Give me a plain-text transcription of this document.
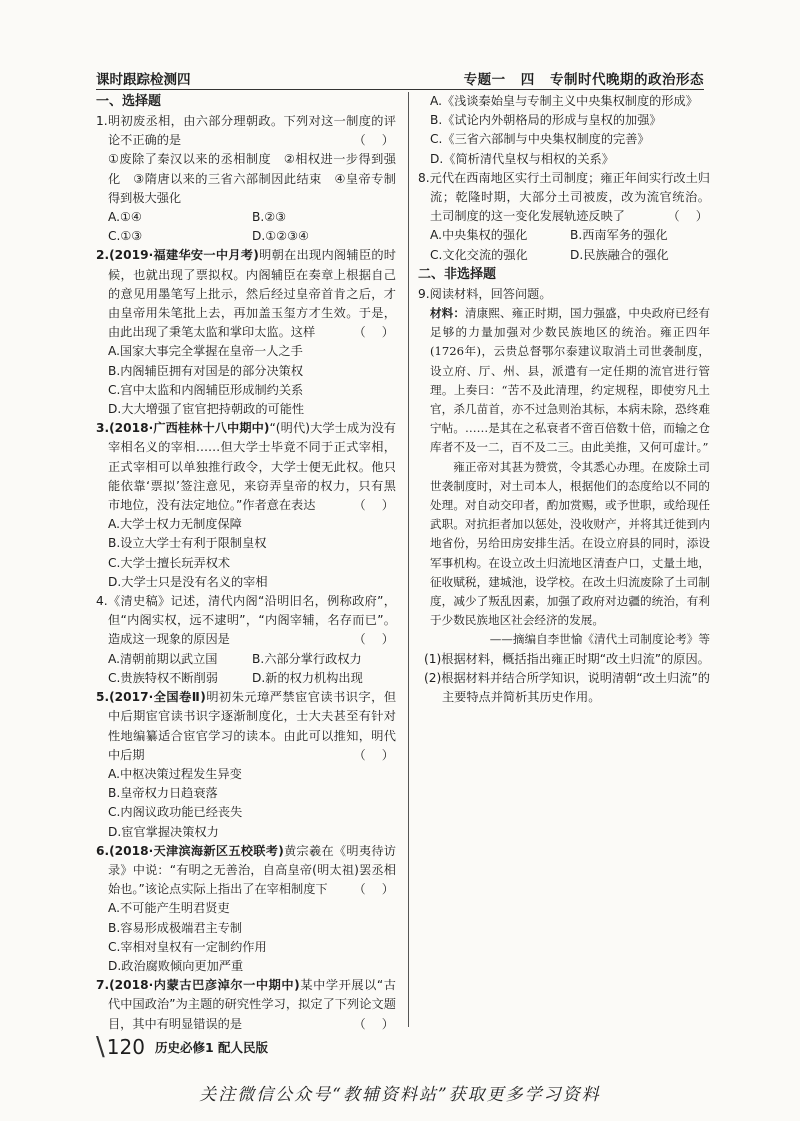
课时跟踪检测四	专题一 四 专制时代晚期的政治形态
一、选择题

1.明初废丞相，由六部分理朝政。下列对这一制度的评论不正确的是	（　）

①废除了秦汉以来的丞相制度　②相权进一步得到强化　③隋唐以来的三省六部制因此结束　④皇帝专制得到极大强化

A.①④	B.②③
C.①③	D.①②③④

2.(2019·福建华安一中月考)明朝在出现内阁辅臣的时候，也就出现了票拟权。内阁辅臣在奏章上根据自己的意见用墨笔写上批示，然后经过皇帝首肯之后，才由皇帝用朱笔批上去，再加盖玉玺方才生效。于是，由此出现了秉笔太监和掌印太监。这样	（　）

A.国家大事完全掌握在皇帝一人之手

B.内阁辅臣拥有对国是的部分决策权

C.宫中太监和内阁辅臣形成制约关系

D.大大增强了宦官把持朝政的可能性

3.(2018·广西桂林十八中期中)“(明代)大学士成为没有宰相名义的宰相……但大学士毕竟不同于正式宰相，正式宰相可以单独推行政令，大学士便无此权。他只能依靠‘票拟’签注意见，来窃弄皇帝的权力，只有黑市地位，没有法定地位。”作者意在表达	（　）

A.大学士权力无制度保障

B.设立大学士有利于限制皇权

C.大学士擅长玩弄权术

D.大学士只是没有名义的宰相

4.《清史稿》记述，清代内阁“沿明旧名，例称政府”，但“内阁实权，远不逮明”，“内阁宰辅，名存而已”。造成这一现象的原因是	（　）

A.清朝前期以武立国	B.六部分掌行政权力
C.贵族特权不断削弱	D.新的权力机构出现

5.(2017·全国卷Ⅱ)明初朱元璋严禁宦官读书识字，但中后期宦官读书识字逐渐制度化，士大夫甚至有针对性地编纂适合宦官学习的读本。由此可以推知，明代中后期	（　）

A.中枢决策过程发生异变

B.皇帝权力日趋衰落

C.内阁议政功能已经丧失

D.宦官掌握决策权力

6.(2018·天津滨海新区五校联考)黄宗羲在《明夷待访录》中说：“有明之无善治，自高皇帝(明太祖)罢丞相始也。”该论点实际上指出了在宰相制度下 （　）

A.不可能产生明君贤吏

B.容易形成极端君主专制

C.宰相对皇权有一定制约作用

D.政治腐败倾向更加严重

7.(2018·内蒙古巴彦淖尔一中期中)某中学开展以“古代中国政治”为主题的研究性学习，拟定了下列论文题目，其中有明显错误的是	（　）

A.《浅谈秦始皇与专制主义中央集权制度的形成》

B.《试论内外朝格局的形成与皇权的加强》

C.《三省六部制与中央集权制度的完善》

D.《简析清代皇权与相权的关系》

8.元代在西南地区实行土司制度；雍正年间实行改土归流；乾隆时期，大部分土司被废，改为流官统治。土司制度的这一变化发展轨迹反映了	（　）

A.中央集权的强化	B.西南军务的强化
C.文化交流的强化	D.民族融合的强化
二、非选择题

9.阅读材料，回答问题。

材料：清康熙、雍正时期，国力强盛，中央政府已经有足够的力量加强对少数民族地区的统治。雍正四年(1726年)，云贵总督鄂尔泰建议取消土司世袭制度，设立府、厅、州、县，派遣有一定任期的流官进行管理。上奏曰：“苦不及此清理，约定规程，即使穷凡土官，杀几苗首，亦不过急则治其标，本病未除，恐终难宁帖。……是其在之私衰者不啻百倍数十倍，而输之仓库者不及一二，百不及二三。由此美推，又何可虚计。”

雍正帝对其甚为赞赏，令其悉心办理。在废除土司世袭制度时，对土司本人，根据他们的态度给以不同的处理。对自动交印者，酌加赏赐，或予世职，或给现任武职。对抗拒者加以惩处，没收财产，并将其迁徙到内地省份，另给田房安排生活。在设立府县的同时，添设军事机构。在设立改土归流地区清查户口，丈量土地，征收赋税，建城池，设学校。在改土归流废除了土司制度，减少了叛乱因素，加强了政府对边疆的统治，有利于少数民族地区社会经济的发展。

——摘编自李世愉《清代土司制度论考》等

(1)根据材料，概括指出雍正时期“改土归流”的原因。

(2)根据材料并结合所学知识，说明清朝“改土归流”的主要特点并简析其历史作用。

\ 120 历史必修1 配人民版
关注微信公众号“教辅资料站”获取更多学习资料
